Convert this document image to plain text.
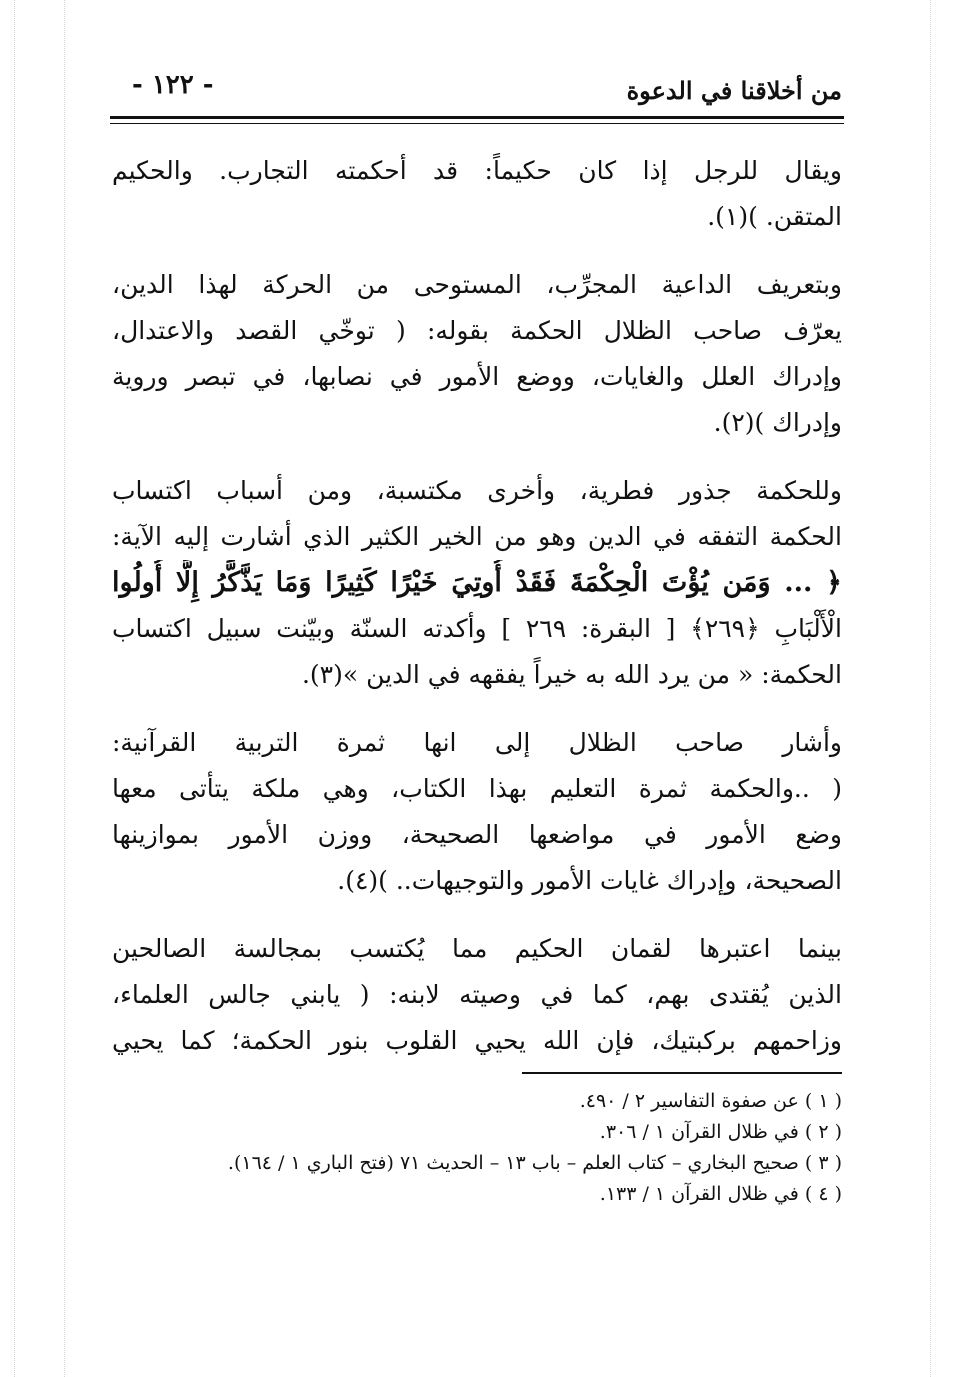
من أخلاقنا في الدعوة
- ١٢٢ -

ويقال للرجل إذا كان حكيماً: قد أحكمته التجارب. والحكيم
المتقن. )(١).

وبتعريف الداعية المجرِّب، المستوحى من الحركة لهذا الدين،
يعرّف صاحب الظلال الحكمة بقوله: ( توخّي القصد والاعتدال،
وإدراك العلل والغايات، ووضع الأمور في نصابها، في تبصر وروية
وإدراك )(٢).

وللحكمة جذور فطرية، وأخرى مكتسبة، ومن أسباب اكتساب
الحكمة التفقه في الدين وهو من الخير الكثير الذي أشارت إليه الآية:
﴿ ... وَمَن يُؤْتَ الْحِكْمَةَ فَقَدْ أُوتِيَ خَيْرًا كَثِيرًا وَمَا يَذَّكَّرُ إِلَّا أُولُوا
الْأَلْبَابِ ﴿٢٦٩﴾ [ البقرة: ٢٦٩ ] وأكدته السنّة وبيّنت سبيل اكتساب
الحكمة: « من يرد الله به خيراً يفقهه في الدين »(٣).

وأشار صاحب الظلال إلى انها ثمرة التربية القرآنية:
( ..والحكمة ثمرة التعليم بهذا الكتاب، وهي ملكة يتأتى معها
وضع الأمور في مواضعها الصحيحة، ووزن الأمور بموازينها
الصحيحة، وإدراك غايات الأمور والتوجيهات.. )(٤).

بينما اعتبرها لقمان الحكيم مما يُكتسب بمجالسة الصالحين
الذين يُقتدى بهم، كما في وصيته لابنه: ( يابني جالس العلماء،
وزاحمهم بركبتيك، فإن الله يحيي القلوب بنور الحكمة؛ كما يحيي

( ١ ) عن صفوة التفاسير ٢ / ٤٩٠.
( ٢ ) في ظلال القرآن ١ / ٣٠٦.
( ٣ ) صحيح البخاري – كتاب العلم – باب ١٣ – الحديث ٧١ (فتح الباري ١ / ١٦٤).
( ٤ ) في ظلال القرآن ١ / ١٣٣.
